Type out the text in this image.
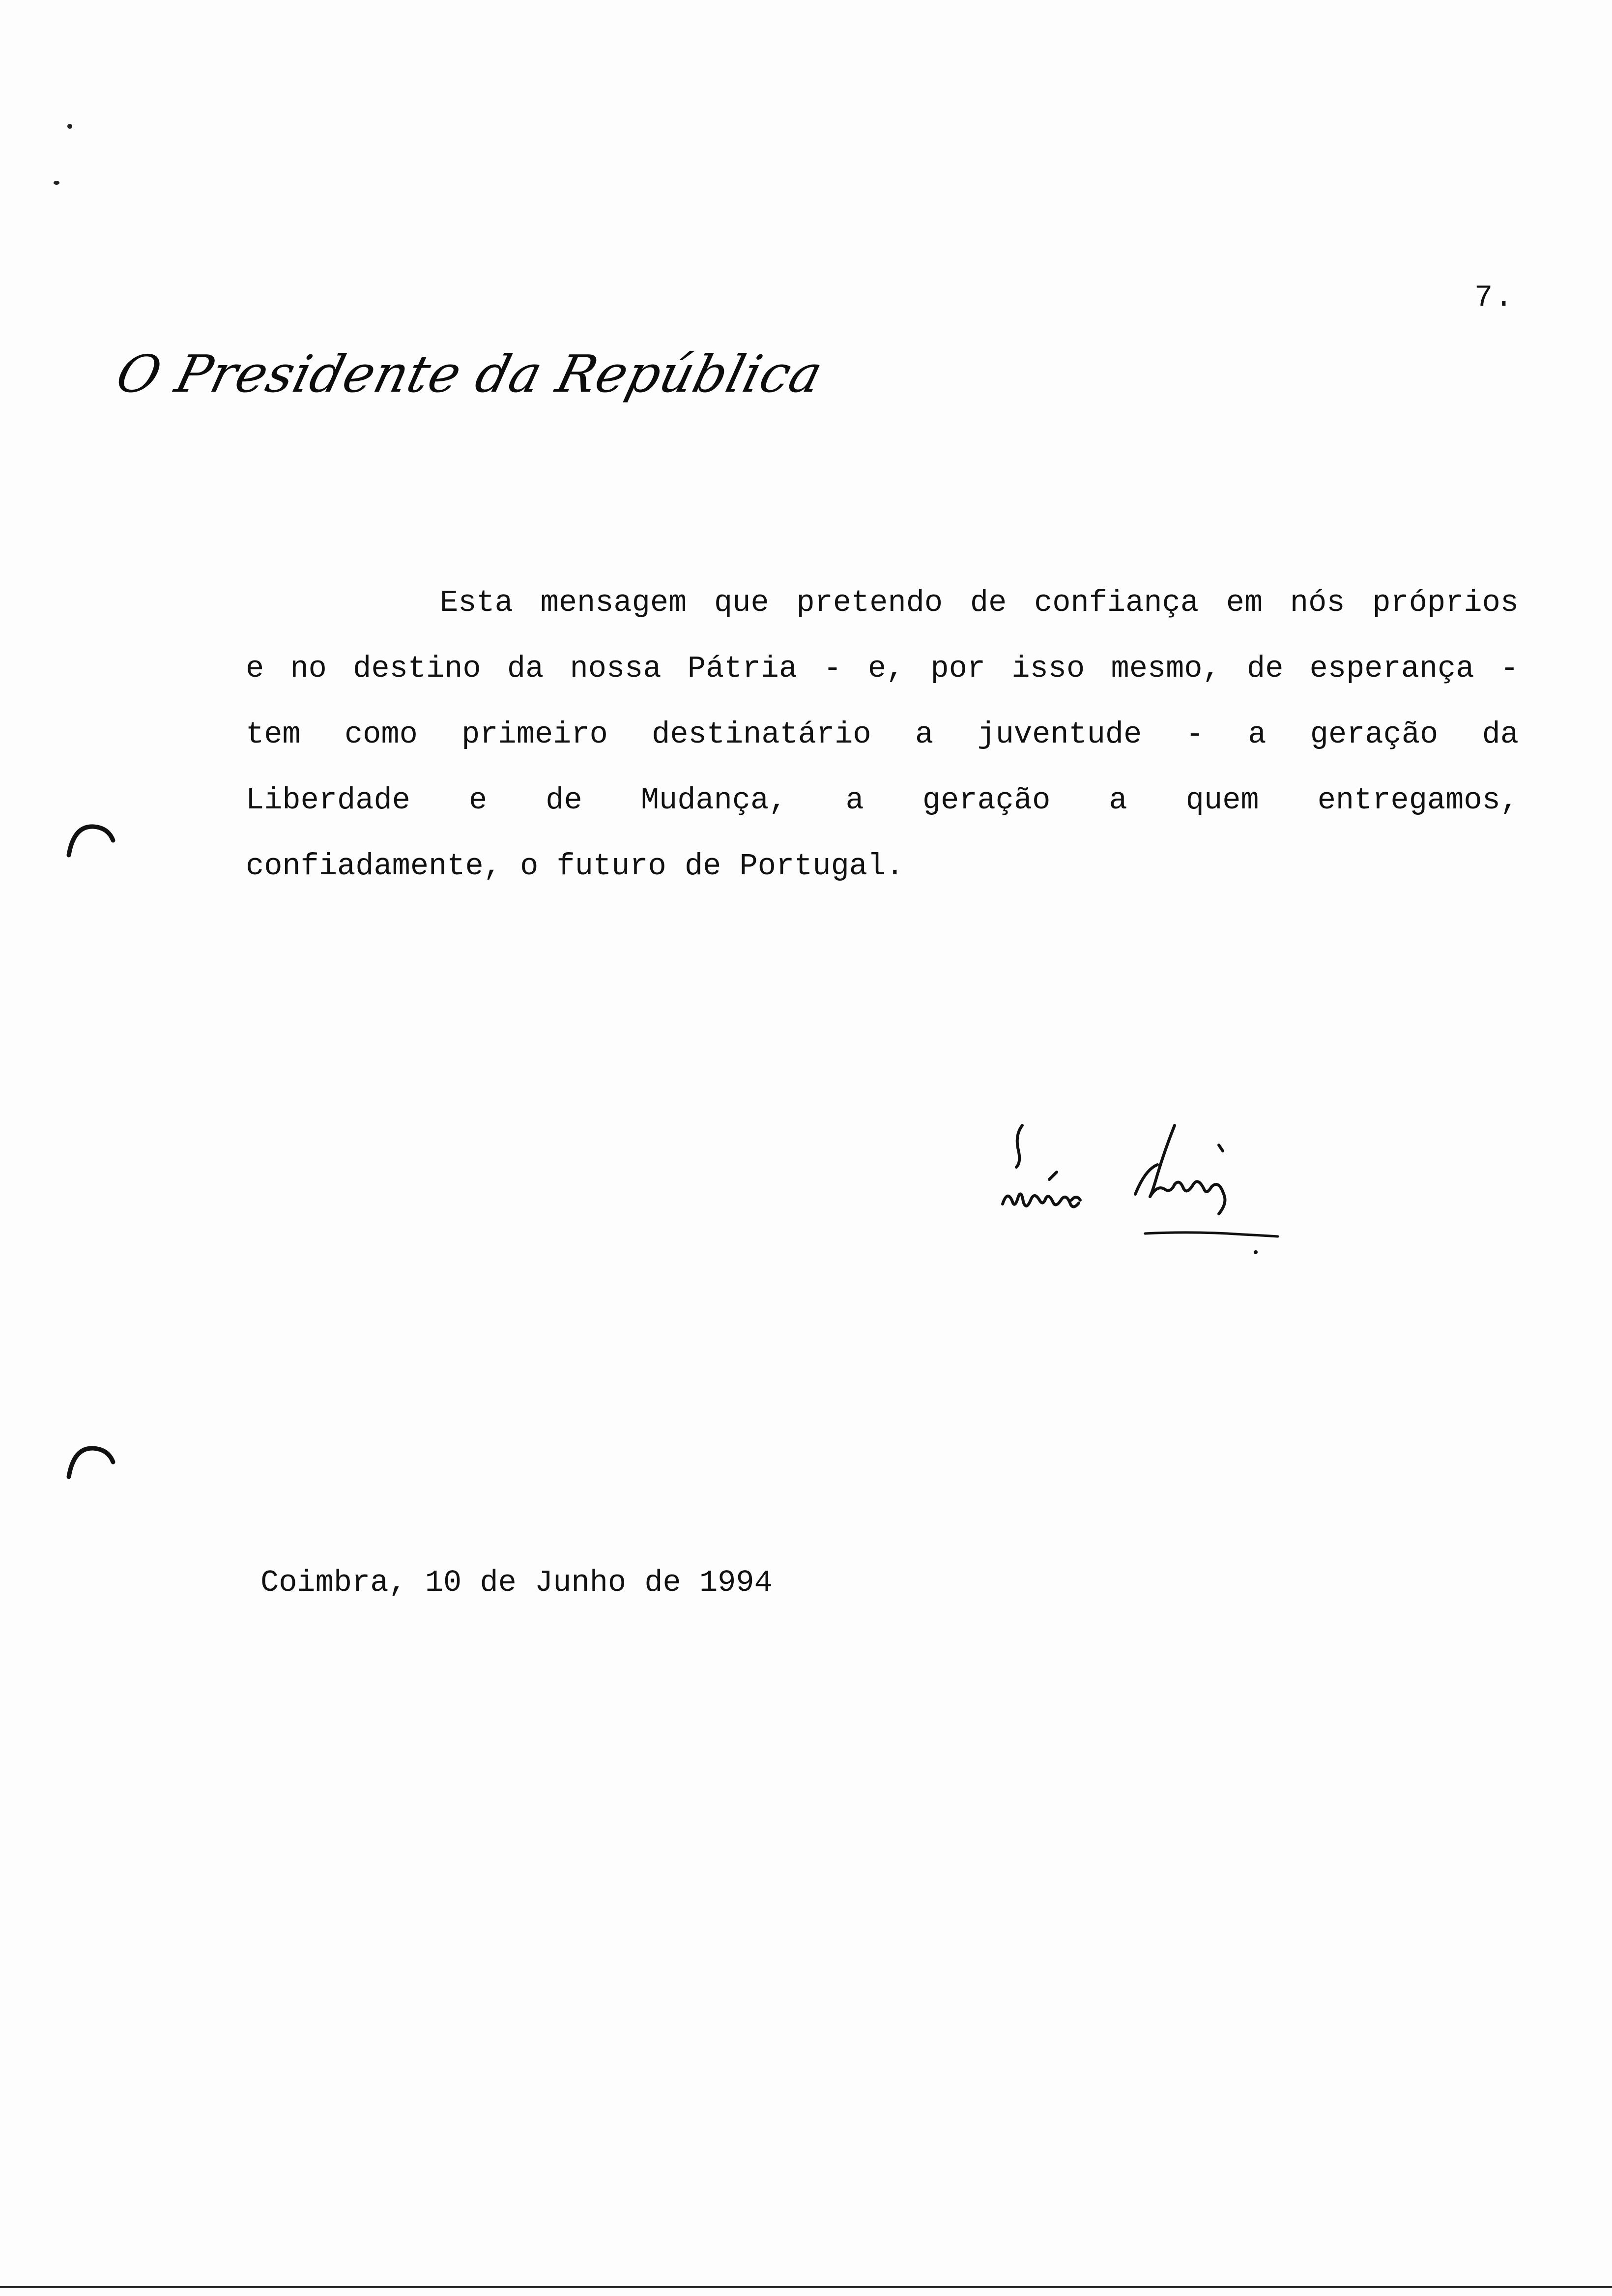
7.
O Presidente da República
Esta mensagem que pretendo de confiança em nós próprios
e no destino da nossa Pátria - e, por isso mesmo, de esperança -
tem como primeiro destinatário a juventude - a geração da
Liberdade e de Mudança, a geração a quem entregamos,
confiadamente, o futuro de Portugal.
Coimbra, 10 de Junho de 1994
